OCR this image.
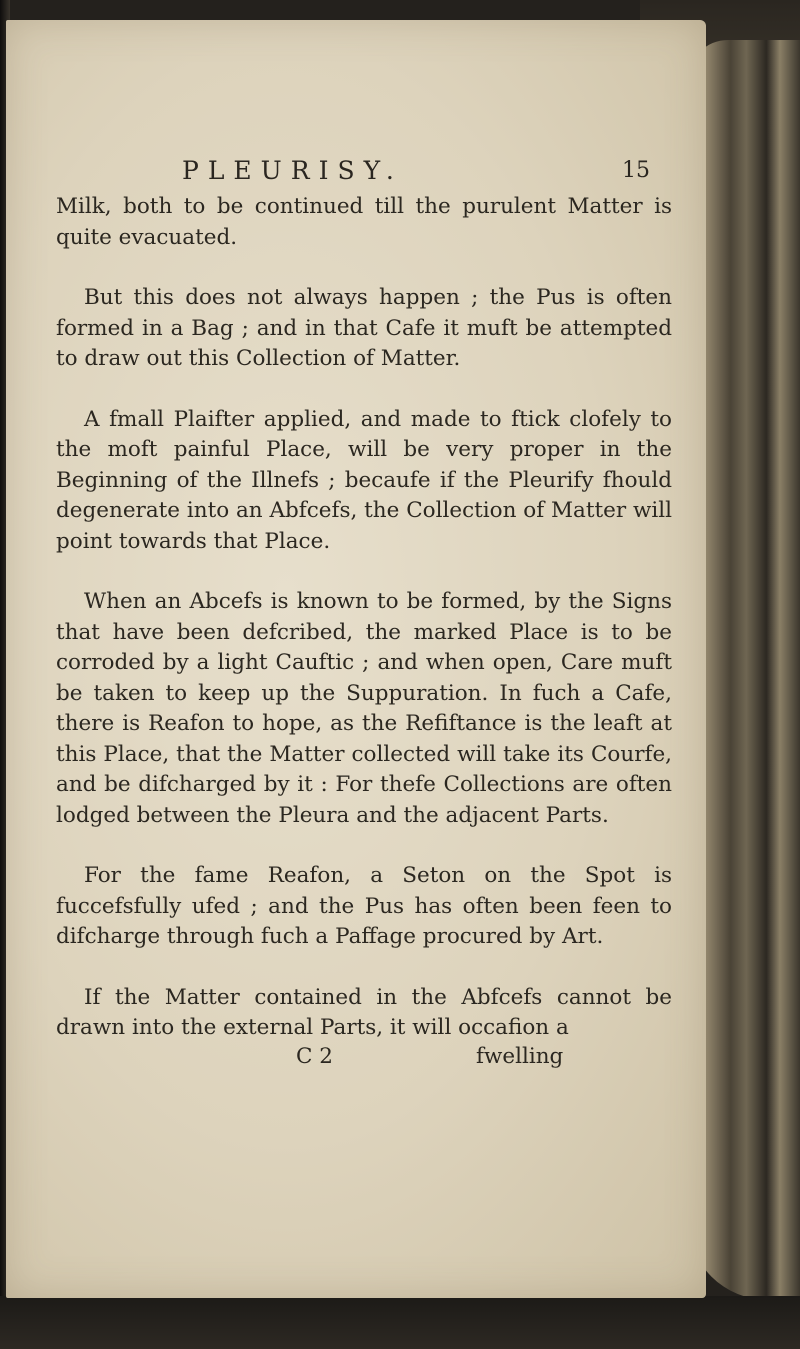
PLEURISY.	15

Milk, both to be continued till the purulent Matter is quite evacuated.

But this does not always happen ; the Pus is often formed in a Bag ; and in that Cafe it muft be attempted to draw out this Collection of Matter.

A fmall Plaifter applied, and made to ftick clofely to the moft painful Place, will be very proper in the Beginning of the Illnefs ; becaufe if the Pleurify fhould degenerate into an Abfcefs, the Collection of Matter will point towards that Place.

When an Abcefs is known to be formed, by the Signs that have been defcribed, the marked Place is to be corroded by a light Cauftic ; and when open, Care muft be taken to keep up the Suppuration. In fuch a Cafe, there is Reafon to hope, as the Refiftance is the leaft at this Place, that the Matter collected will take its Courfe, and be difcharged by it : For thefe Collections are often lodged between the Pleura and the adjacent Parts.

For the fame Reafon, a Seton on the Spot is fuccefsfully ufed ; and the Pus has often been feen to difcharge through fuch a Paffage procured by Art.

If the Matter contained in the Abfcefs cannot be drawn into the external Parts, it will occafion a

C 2	fwelling
